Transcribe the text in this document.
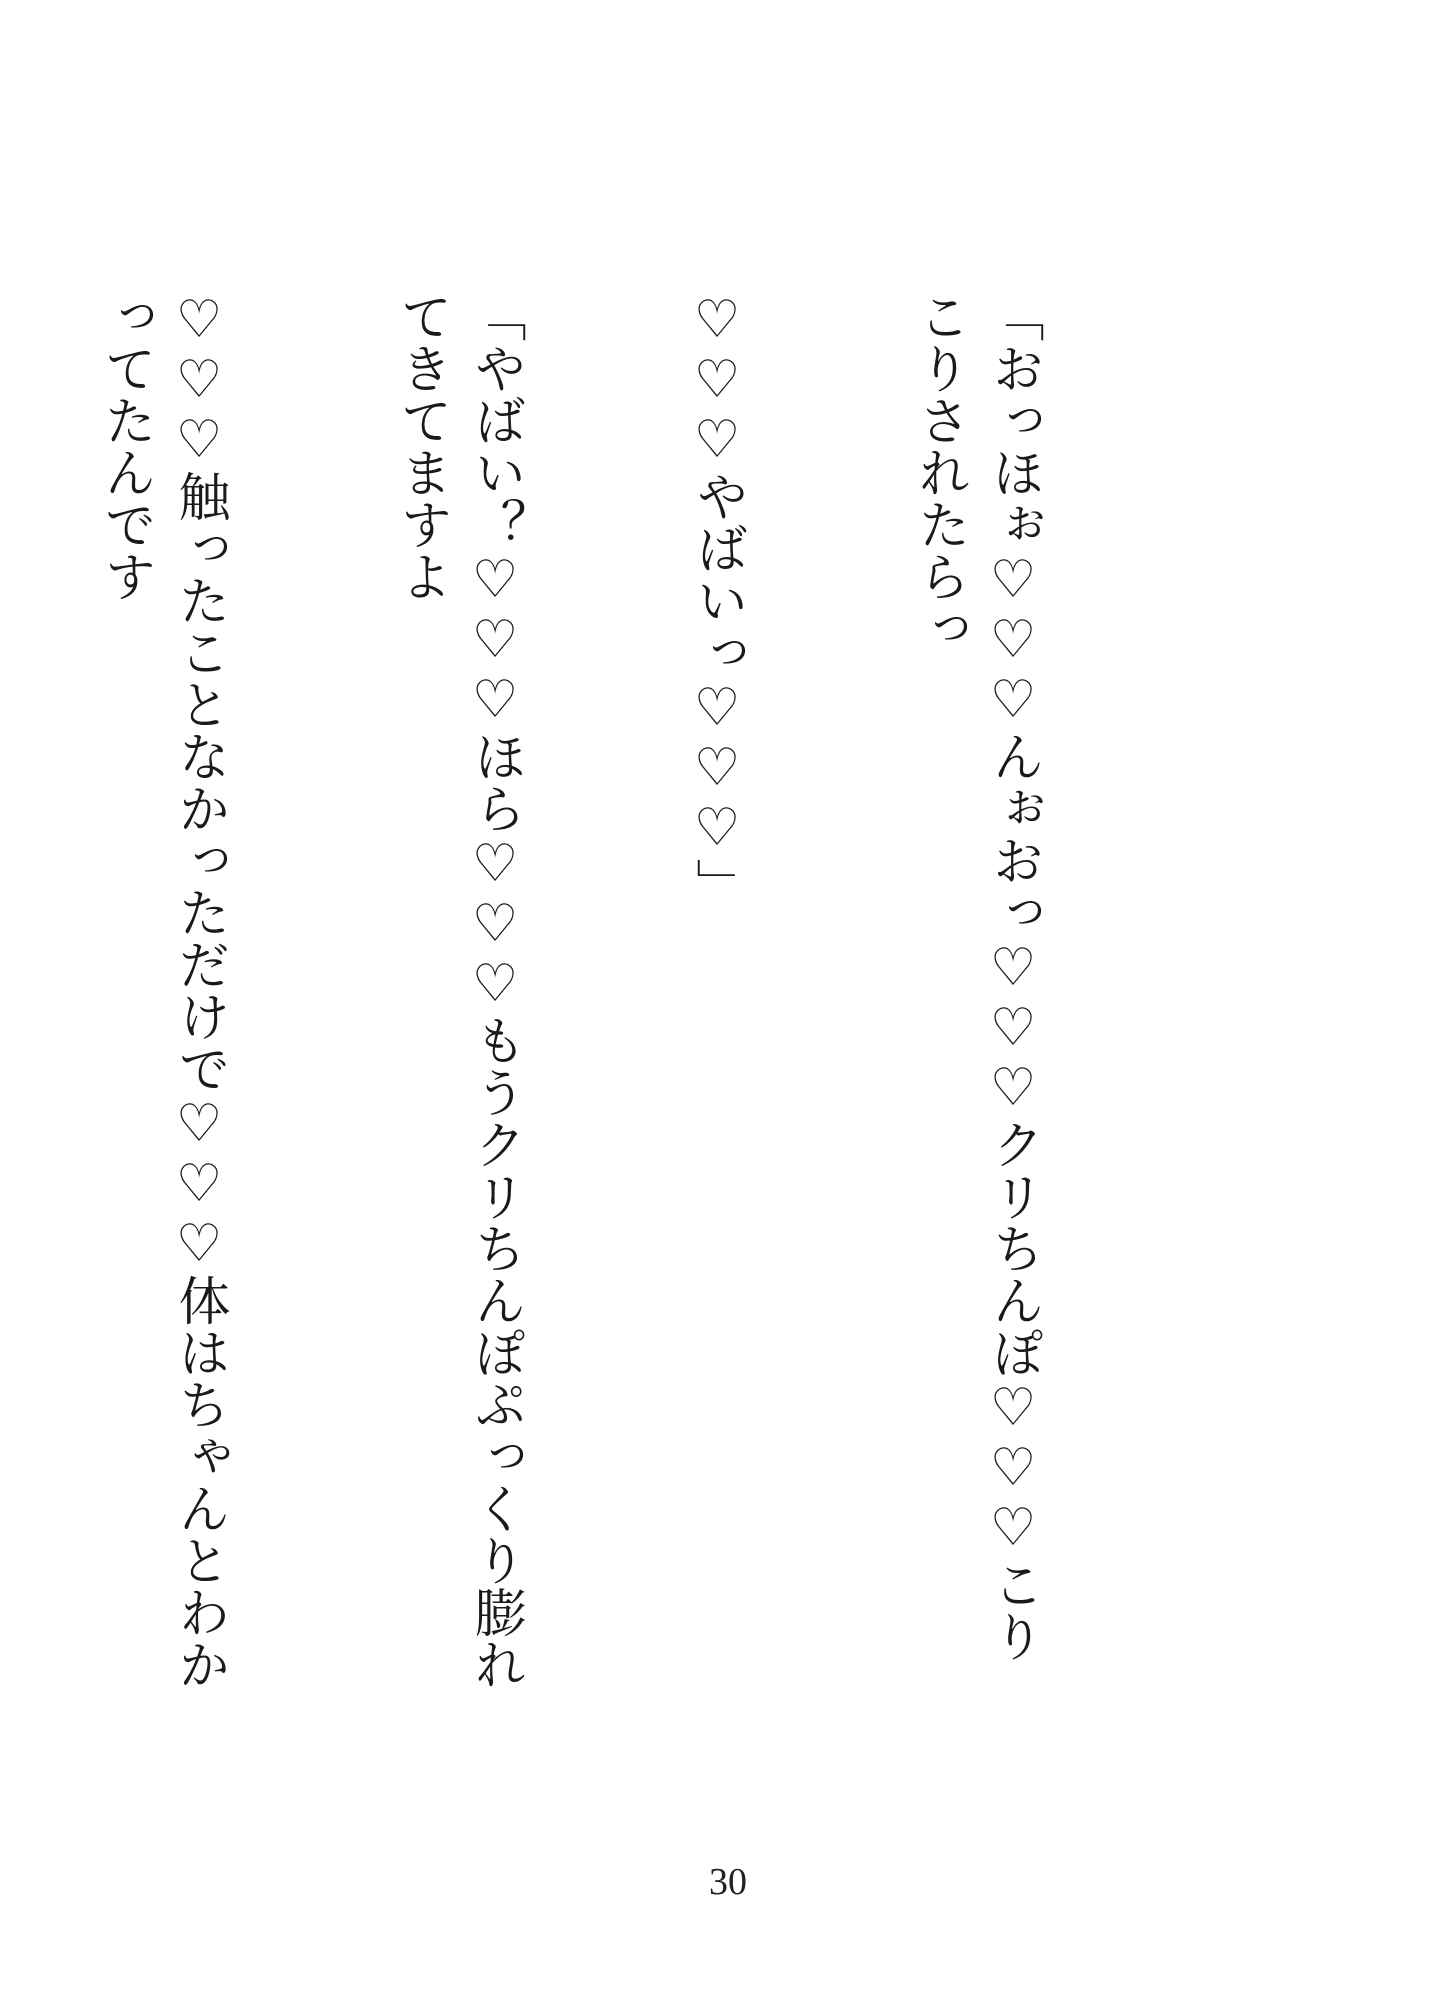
「おっほぉ♡♡♡んぉおっ♡♡♡クリちんぽ♡♡♡こりこりされたらっ

♡♡♡やばいっ♡♡♡」

「やばい？♡♡♡ほら♡♡♡もうクリちんぽぷっくり膨れてきてますよ

♡♡♡触ったことなかっただけで♡♡♡体はちゃんとわかってたんです

30
